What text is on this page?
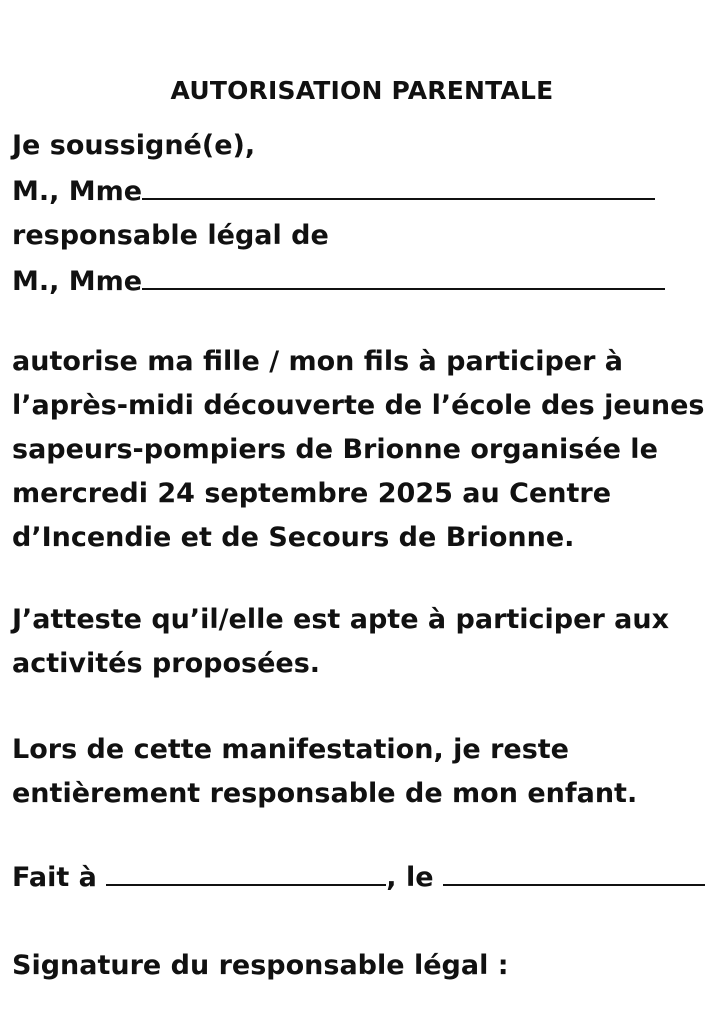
AUTORISATION PARENTALE

Je soussigné(e),

M., Mme

responsable légal de

M., Mme

autorise ma fille / mon fils à participer à

l’après-midi découverte de l’école des jeunes

sapeurs-pompiers de Brionne organisée le

mercredi 24 septembre 2025 au Centre

d’Incendie et de Secours de Brionne.

J’atteste qu’il/elle est apte à participer aux

activités proposées.

Lors de cette manifestation, je reste

entièrement responsable de mon enfant.

Fait à	, le

Signature du responsable légal :
